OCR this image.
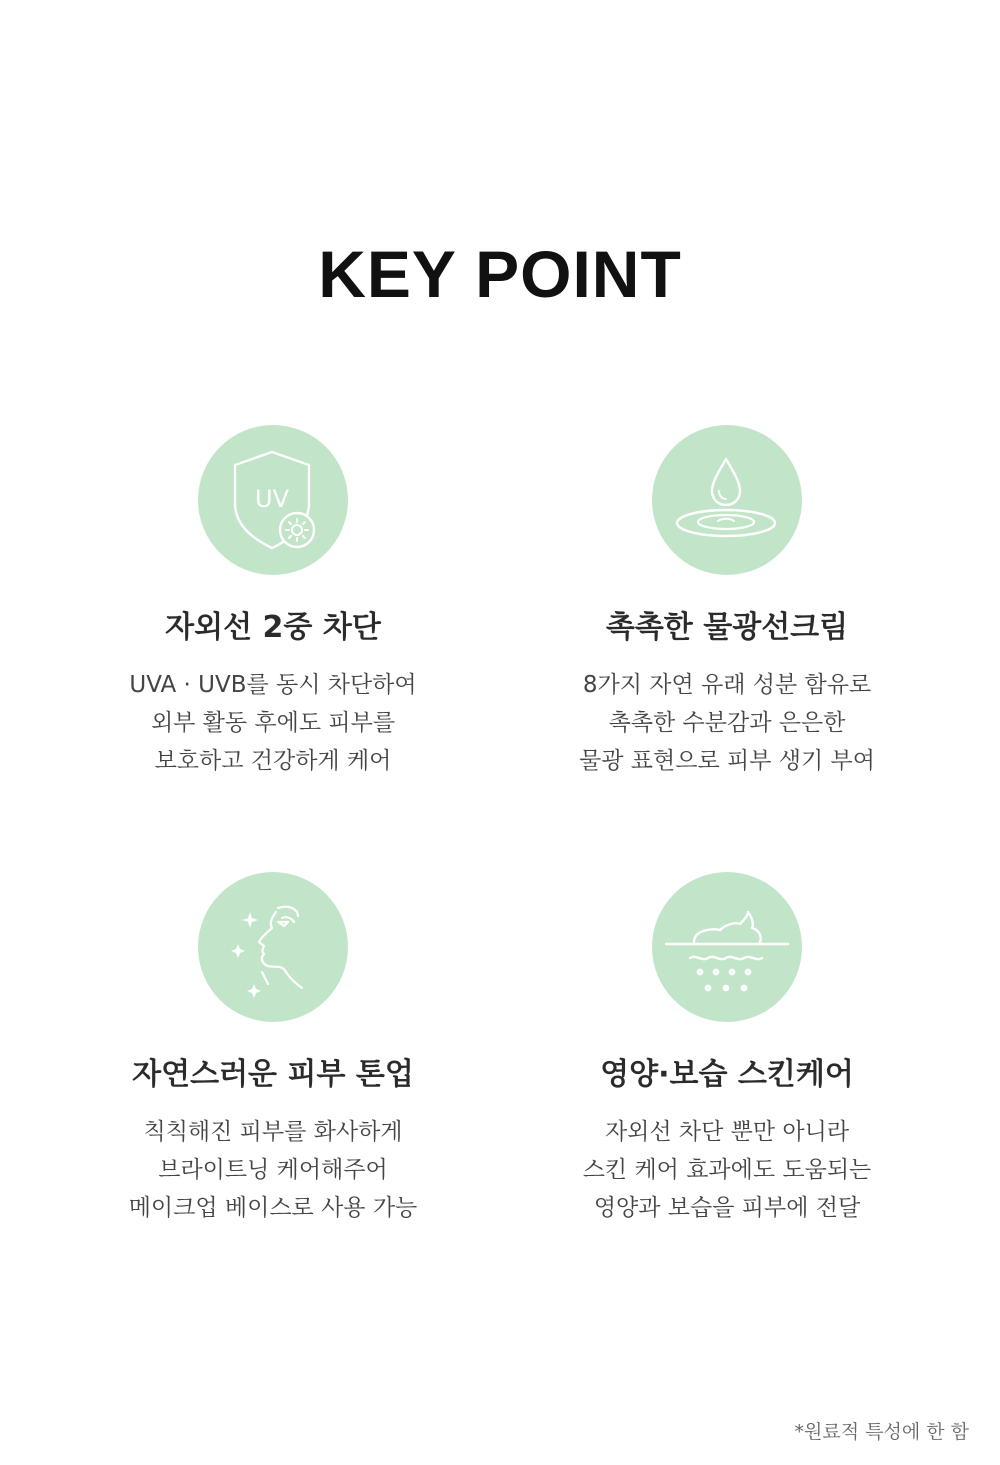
KEY POINT
UV
자외선 2중 차단
UVA · UVB를 동시 차단하여
외부 활동 후에도 피부를
보호하고 건강하게 케어
촉촉한 물광선크림
8가지 자연 유래 성분 함유로
촉촉한 수분감과 은은한
물광 표현으로 피부 생기 부여
자연스러운 피부 톤업
칙칙해진 피부를 화사하게
브라이트닝 케어해주어
메이크업 베이스로 사용 가능
영양·보습 스킨케어
자외선 차단 뿐만 아니라
스킨 케어 효과에도 도움되는
영양과 보습을 피부에 전달
*원료적 특성에 한 함
